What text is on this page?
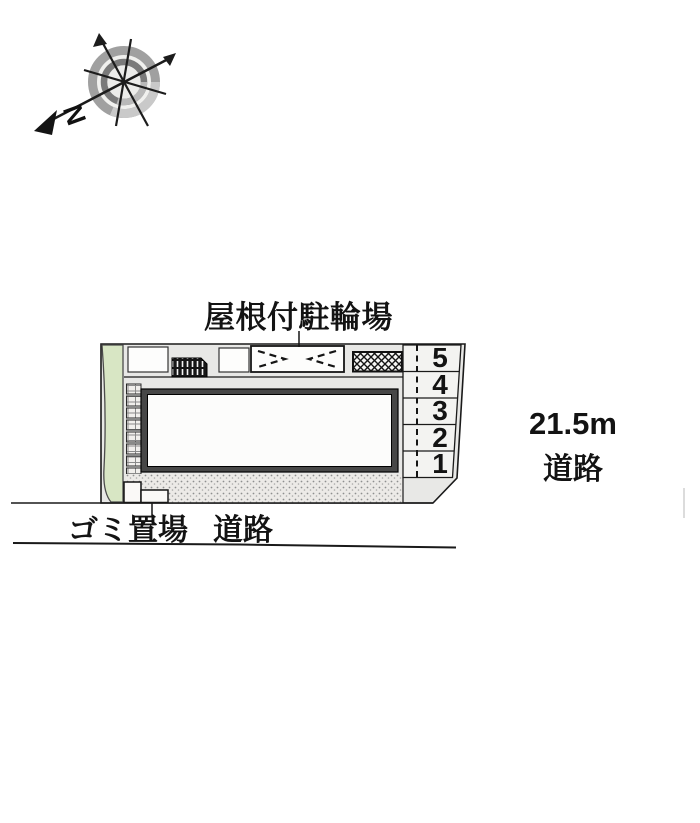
N
屋根付駐輪場
5
4
3
2
1
21.5m
道路
ゴミ置場 道路
